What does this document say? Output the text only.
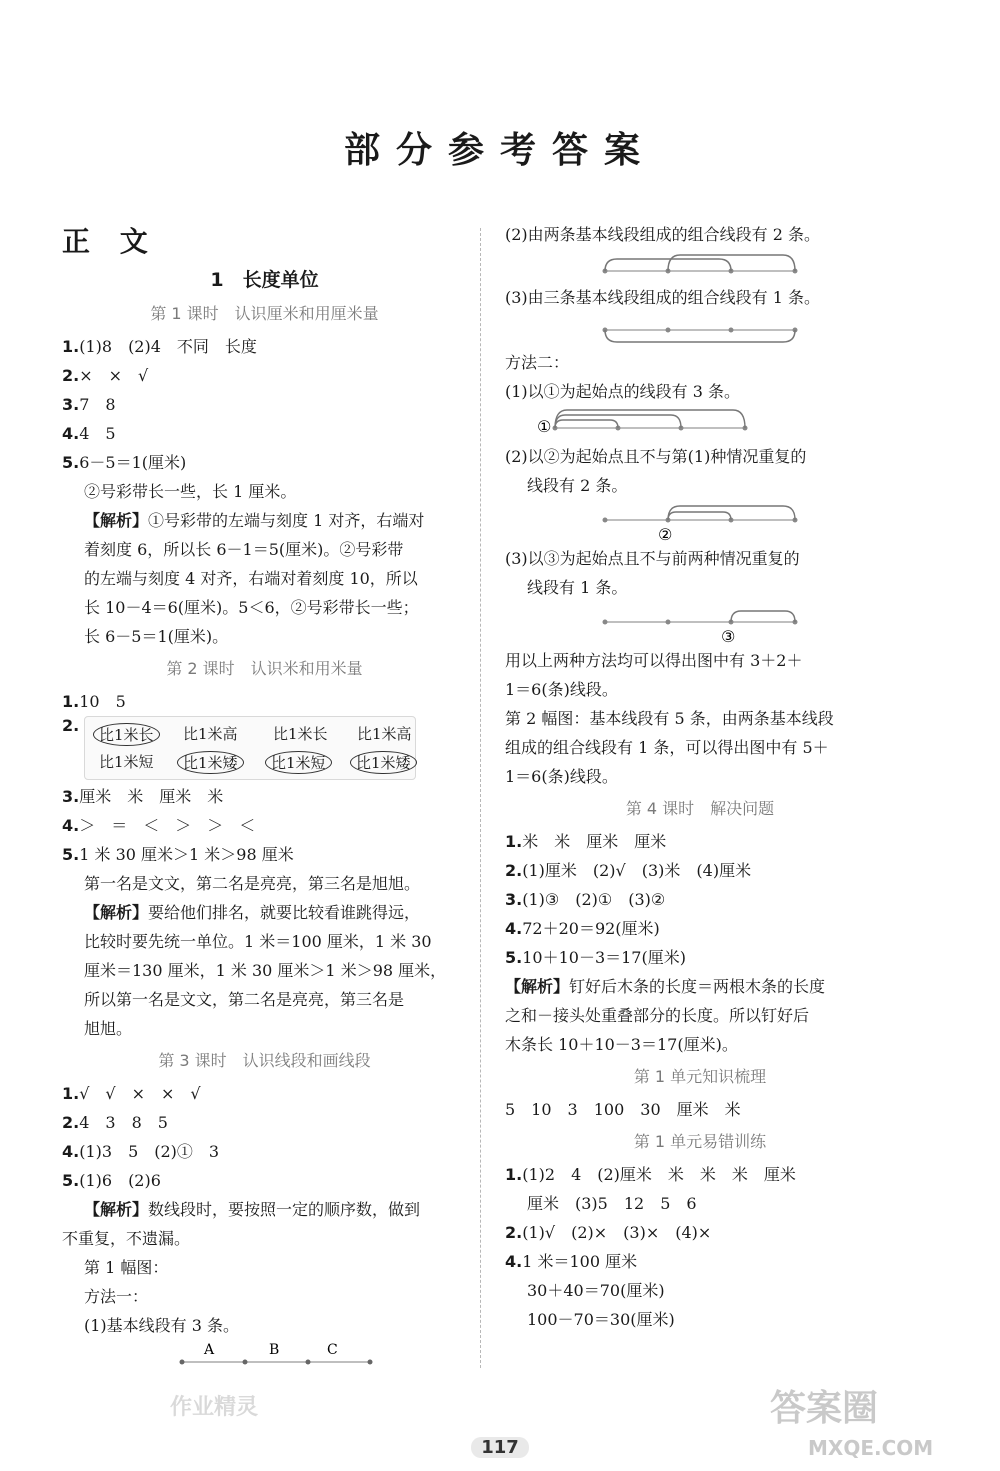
部分参考答案
正 文
1　长度单位
第 1 课时　认识厘米和用厘米量
1.(1)8　(2)4　不同　长度
2.×　×　√
3.7　8
4.4　5
5.6－5＝1(厘米)
②号彩带长一些，长 1 厘米。
【解析】①号彩带的左端与刻度 1 对齐，右端对
着刻度 6，所以长 6－1＝5(厘米)。②号彩带
的左端与刻度 4 对齐，右端对着刻度 10，所以
长 10－4＝6(厘米)。5＜6，②号彩带长一些；
长 6－5＝1(厘米)。
第 2 课时　认识米和用米量
1.10　5
2.	比1米长	比1米高 比1米长 比1米高
比1米短	比1米矮	比1米短	比1米矮
3.厘米　米　厘米　米
4.＞　＝　＜　＞　＞　＜
5.1 米 30 厘米＞1 米＞98 厘米
第一名是文文，第二名是亮亮，第三名是旭旭。
【解析】要给他们排名，就要比较看谁跳得远，
比较时要先统一单位。1 米＝100 厘米，1 米 30
厘米＝130 厘米，1 米 30 厘米＞1 米＞98 厘米，
所以第一名是文文，第二名是亮亮，第三名是
旭旭。
第 3 课时　认识线段和画线段
1.√　√　×　×　√
2.4　3　8　5
4.(1)3　5　(2)①　3
5.(1)6　(2)6
【解析】数线段时，要按照一定的顺序数，做到
不重复，不遗漏。
第 1 幅图：
方法一：
(1)基本线段有 3 条。
A	B	C
(2)由两条基本线段组成的组合线段有 2 条。
(3)由三条基本线段组成的组合线段有 1 条。
方法二：
(1)以①为起始点的线段有 3 条。
①
(2)以②为起始点且不与第(1)种情况重复的
线段有 2 条。
②
(3)以③为起始点且不与前两种情况重复的
线段有 1 条。
③
用以上两种方法均可以得出图中有 3＋2＋
1＝6(条)线段。
第 2 幅图：基本线段有 5 条，由两条基本线段
组成的组合线段有 1 条，可以得出图中有 5＋
1＝6(条)线段。
第 4 课时　解决问题
1.米　米　厘米　厘米
2.(1)厘米　(2)√　(3)米　(4)厘米
3.(1)③　(2)①　(3)②
4.72＋20＝92(厘米)
5.10＋10－3＝17(厘米)
【解析】钉好后木条的长度＝两根木条的长度
之和－接头处重叠部分的长度。所以钉好后
木条长 10＋10－3＝17(厘米)。
第 1 单元知识梳理
5　10　3　100　30　厘米　米
第 1 单元易错训练
1.(1)2　4　(2)厘米　米　米　米　厘米
厘米　(3)5　12　5　6
2.(1)√　(2)×　(3)×　(4)×
4.1 米＝100 厘米
30＋40＝70(厘米)
100－70＝30(厘米)
117
答案圈
MXQE.COM
作业精灵
